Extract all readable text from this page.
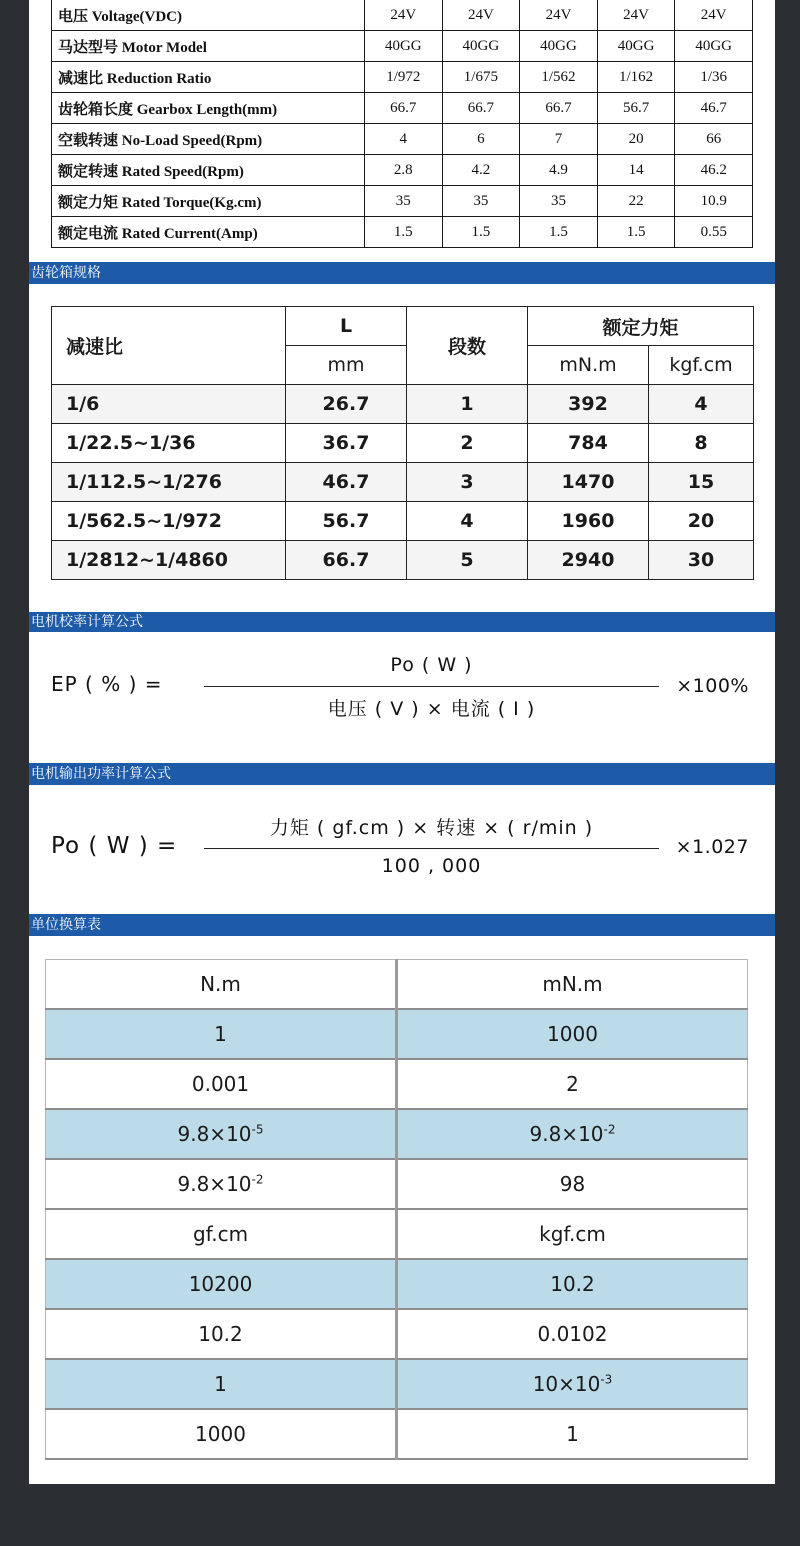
电压 Voltage(VDC)	24V	24V	24V	24V	24V
马达型号 Motor Model	40GG	40GG	40GG	40GG	40GG
减速比 Reduction Ratio	1/972	1/675	1/562	1/162	1/36
齿轮箱长度 Gearbox Length(mm)	66.7	66.7	66.7	56.7	46.7
空载转速 No-Load Speed(Rpm)	4	6	7	20	66
额定转速 Rated Speed(Rpm)	2.8	4.2	4.9	14	46.2
额定力矩 Rated Torque(Kg.cm)	35	35	35	22	10.9
额定电流 Rated Current(Amp)	1.5	1.5	1.5	1.5	0.55
齿轮箱规格
减速比	L	段数	额定力矩	
	mm		mN.m	kgf.cm
1/6	26.7	1	392	4
1/22.5~1/36	36.7	2	784	8
1/112.5~1/276	46.7	3	1470	15
1/562.5~1/972	56.7	4	1960	20
1/2812~1/4860	66.7	5	2940	30
电机校率计算公式
EP ( % ) =
Po ( W )
电压 ( V ) × 电流 ( I )
×100%
电机输出功率计算公式
Po ( W ) =
力矩 ( gf.cm ) × 转速 × ( r/min )
100 , 000
×1.027
单位换算表
N.m	mN.m
1	1000
0.001	2
$9.8\times 10^{-5}$	$9.8\times 10^{-2}$
$9.8\times 10^{-2}$	98
gf.cm	kgf.cm
10200	10.2
10.2	0.0102
1	$10\times 10^{-3}$
1000	1
